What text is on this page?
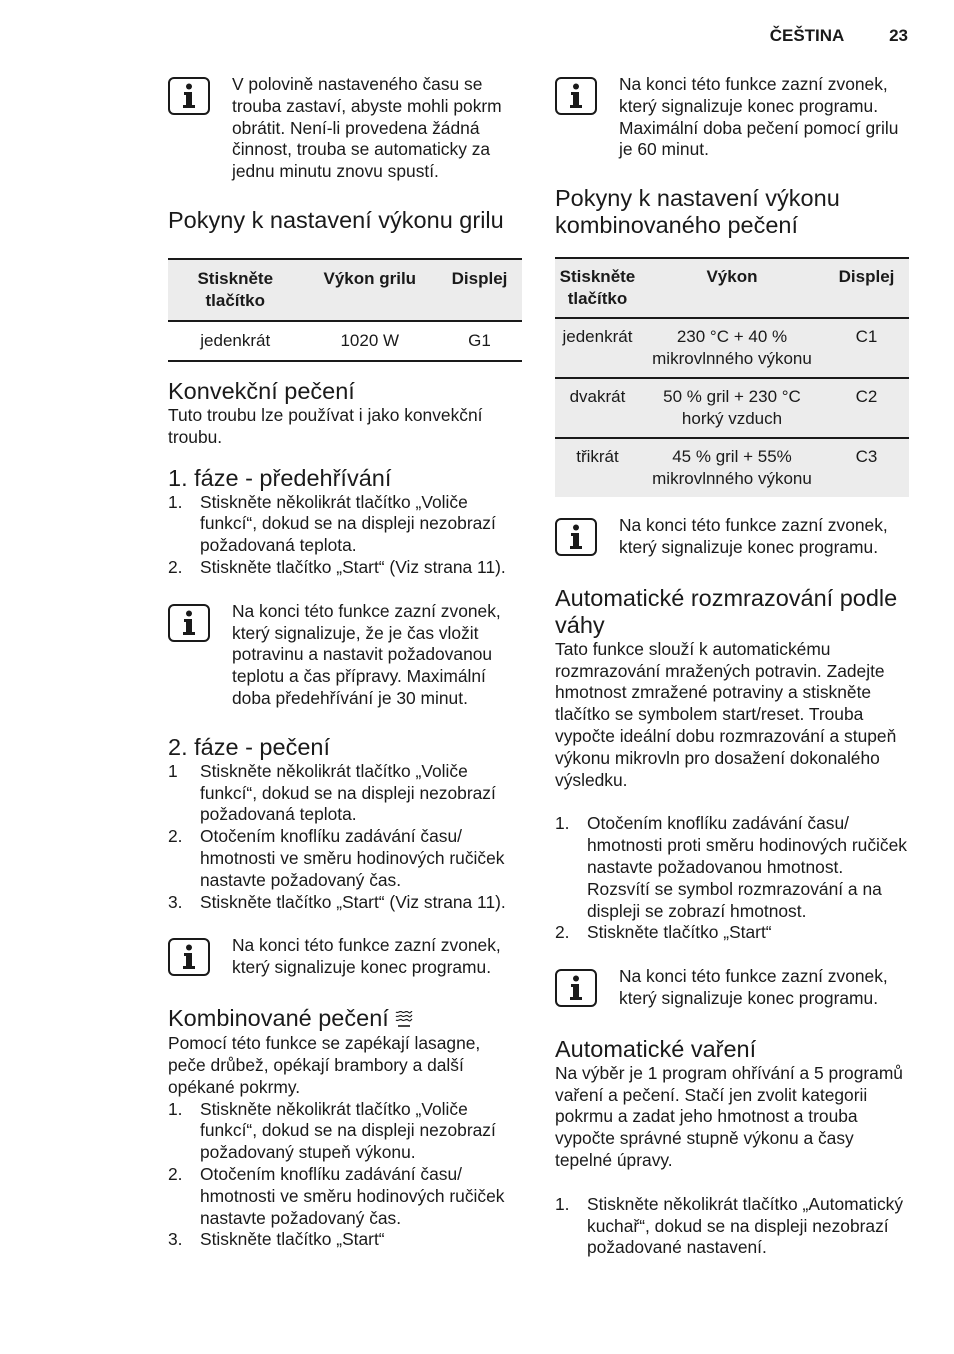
ČEŠTINA	23
V polovině nastaveného času se trouba zastaví, abyste mohli pokrm obrátit. Není-li provedena žádná činnost, trouba se automaticky za jednu minutu znovu spustí.
Pokyny k nastavení výkonu grilu
Stiskněte tlačítko	Výkon grilu	Displej
jedenkrát	1020 W	G1
Konvekční pečení
Tuto troubu lze používat i jako konvekční troubu.
1. fáze - předehřívání
1.	Stiskněte několikrát tlačítko „Voliče funkcí“, dokud se na displeji nezobrazí požadovaná teplota.
2.	Stiskněte tlačítko „Start“ (Viz strana 11).
Na konci této funkce zazní zvonek, který signalizuje, že je čas vložit potravinu a nastavit požadovanou teplotu a čas přípravy. Maximální doba předehřívání je 30 minut.
2. fáze - pečení
1	Stiskněte několikrát tlačítko „Voliče funkcí“, dokud se na displeji nezobrazí požadovaná teplota.
2.	Otočením knoflíku zadávání času/ hmotnosti ve směru hodinových ručiček nastavte požadovaný čas.
3.	Stiskněte tlačítko „Start“ (Viz strana 11).
Na konci této funkce zazní zvonek, který signalizuje konec programu.
Kombinované pečení
Pomocí této funkce se zapékají lasagne, peče drůbež, opékají brambory a další opékané pokrmy.
1.	Stiskněte několikrát tlačítko „Voliče funkcí“, dokud se na displeji nezobrazí požadovaný stupeň výkonu.
2.	Otočením knoflíku zadávání času/ hmotnosti ve směru hodinových ručiček nastavte požadovaný čas.
3.	Stiskněte tlačítko „Start“
Na konci této funkce zazní zvonek, který signalizuje konec programu. Maximální doba pečení pomocí grilu je 60 minut.
Pokyny k nastavení výkonu kombinovaného pečení
Stiskněte tlačítko	Výkon	Displej
jedenkrát	230 °C + 40 % mikrovlnného výkonu	C1
dvakrát	50 % gril + 230 °C horký vzduch	C2
třikrát	45 % gril + 55% mikrovlnného výkonu	C3
Na konci této funkce zazní zvonek, který signalizuje konec programu.
Automatické rozmrazování podle váhy
Tato funkce slouží k automatickému rozmrazování mražených potravin. Zadejte hmotnost zmražené potraviny a stiskněte tlačítko se symbolem start/reset. Trouba vypočte ideální dobu rozmrazování a stupeň výkonu mikrovln pro dosažení dokonalého výsledku.
1.	Otočením knoflíku zadávání času/ hmotnosti proti směru hodinových ručiček nastavte požadovanou hmotnost. Rozsvítí se symbol rozmrazování a na displeji se zobrazí hmotnost.
2.	Stiskněte tlačítko „Start“
Na konci této funkce zazní zvonek, který signalizuje konec programu.
Automatické vaření
Na výběr je 1 program ohřívání a 5 programů vaření a pečení. Stačí jen zvolit kategorii pokrmu a zadat jeho hmotnost a trouba vypočte správné stupně výkonu a časy tepelné úpravy.
1.	Stiskněte několikrát tlačítko „Automatický kuchař“, dokud se na displeji nezobrazí požadované nastavení.
